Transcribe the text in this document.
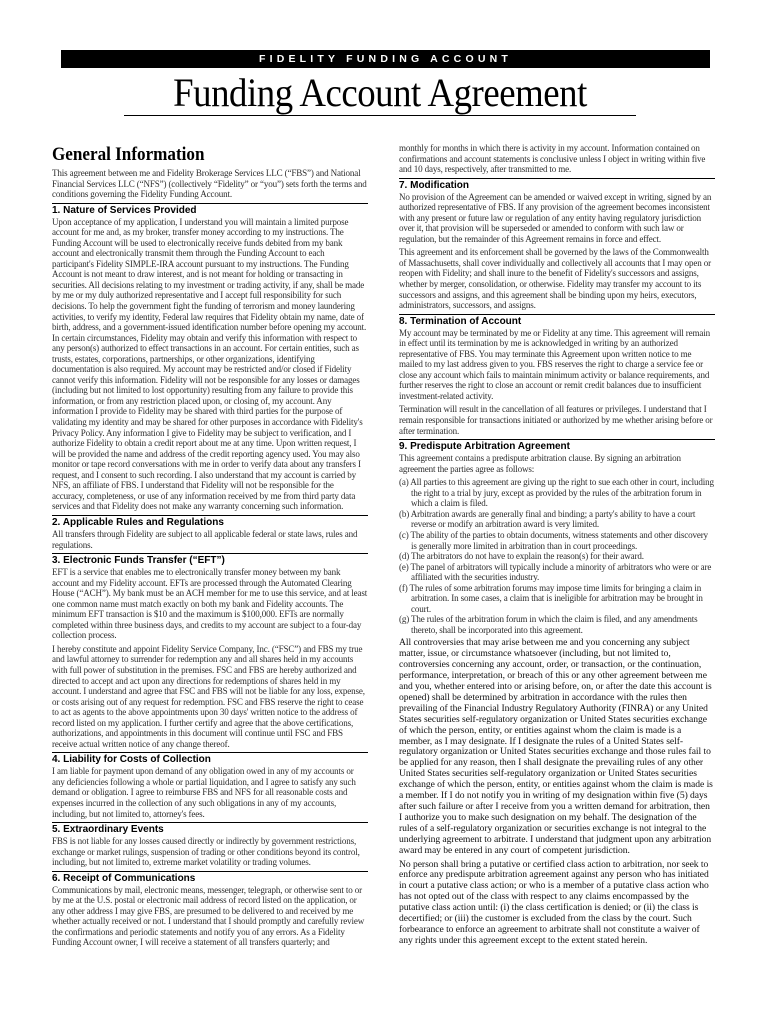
FIDELITY FUNDING ACCOUNT
Funding Account Agreement
General Information

This agreement between me and Fidelity Brokerage Services LLC (“FBS”) and National Financial Services LLC (“NFS”) (collectively “Fidelity” or “you”) sets forth the terms and conditions governing the Fidelity Funding Account.

1. Nature of Services Provided

Upon acceptance of my application, I understand you will maintain a limited purpose account for me and, as my broker, transfer money according to my instructions. The Funding Account will be used to electronically receive funds debited from my bank account and electronically transmit them through the Funding Account to each participant's Fidelity SIMPLE-IRA account pursuant to my instructions. The Funding Account is not meant to draw interest, and is not meant for holding or transacting in securities. All decisions relating to my investment or trading activity, if any, shall be made by me or my duly authorized representative and I accept full responsibility for such decisions. To help the government fight the funding of terrorism and money laundering activities, to verify my identity, Federal law requires that Fidelity obtain my name, date of birth, address, and a government-issued identification number before opening my account. In certain circumstances, Fidelity may obtain and verify this information with respect to any person(s) authorized to effect transactions in an account. For certain entities, such as trusts, estates, corporations, partnerships, or other organizations, identifying documentation is also required. My account may be restricted and/or closed if Fidelity cannot verify this information. Fidelity will not be responsible for any losses or damages (including but not limited to lost opportunity) resulting from any failure to provide this information, or from any restriction placed upon, or closing of, my account. Any information I provide to Fidelity may be shared with third parties for the purpose of validating my identity and may be shared for other purposes in accordance with Fidelity's Privacy Policy. Any information I give to Fidelity may be subject to verification, and I authorize Fidelity to obtain a credit report about me at any time. Upon written request, I will be provided the name and address of the credit reporting agency used. You may also monitor or tape record conversations with me in order to verify data about any transfers I request, and I consent to such recording. I also understand that my account is carried by NFS, an affiliate of FBS. I understand that Fidelity will not be responsible for the accuracy, completeness, or use of any information received by me from third party data services and that Fidelity does not make any warranty concerning such information.

2. Applicable Rules and Regulations

All transfers through Fidelity are subject to all applicable federal or state laws, rules and regulations.

3. Electronic Funds Transfer (“EFT”)

EFT is a service that enables me to electronically transfer money between my bank account and my Fidelity account. EFTs are processed through the Automated Clearing House (“ACH”). My bank must be an ACH member for me to use this service, and at least one common name must match exactly on both my bank and Fidelity accounts. The minimum EFT transaction is $10 and the maximum is $100,000. EFTs are normally completed within three business days, and credits to my account are subject to a four-day collection process.

I hereby constitute and appoint Fidelity Service Company, Inc. (“FSC”) and FBS my true and lawful attorney to surrender for redemption any and all shares held in my accounts with full power of substitution in the premises. FSC and FBS are hereby authorized and directed to accept and act upon any directions for redemptions of shares held in my account. I understand and agree that FSC and FBS will not be liable for any loss, expense, or costs arising out of any request for redemption. FSC and FBS reserve the right to cease to act as agents to the above appointments upon 30 days' written notice to the address of record listed on my application. I further certify and agree that the above certifications, authorizations, and appointments in this document will continue until FSC and FBS receive actual written notice of any change thereof.

4. Liability for Costs of Collection

I am liable for payment upon demand of any obligation owed in any of my accounts or any deficiencies following a whole or partial liquidation, and I agree to satisfy any such demand or obligation. I agree to reimburse FBS and NFS for all reasonable costs and expenses incurred in the collection of any such obligations in any of my accounts, including, but not limited to, attorney's fees.

5. Extraordinary Events

FBS is not liable for any losses caused directly or indirectly by government restrictions, exchange or market rulings, suspension of trading or other conditions beyond its control, including, but not limited to, extreme market volatility or trading volumes.

6. Receipt of Communications

Communications by mail, electronic means, messenger, telegraph, or otherwise sent to or by me at the U.S. postal or electronic mail address of record listed on the application, or any other address I may give FBS, are presumed to be delivered to and received by me whether actually received or not. I understand that I should promptly and carefully review the confirmations and periodic statements and notify you of any errors. As a Fidelity Funding Account owner, I will receive a statement of all transfers quarterly; and

monthly for months in which there is activity in my account. Information contained on confirmations and account statements is conclusive unless I object in writing within five and 10 days, respectively, after transmitted to me.

7. Modification

No provision of the Agreement can be amended or waived except in writing, signed by an authorized representative of FBS. If any provision of the agreement becomes inconsistent with any present or future law or regulation of any entity having regulatory jurisdiction over it, that provision will be superseded or amended to conform with such law or regulation, but the remainder of this Agreement remains in force and effect.

This agreement and its enforcement shall be governed by the laws of the Commonwealth of Massachusetts, shall cover individually and collectively all accounts that I may open or reopen with Fidelity; and shall inure to the benefit of Fidelity's successors and assigns, whether by merger, consolidation, or otherwise. Fidelity may transfer my account to its successors and assigns, and this agreement shall be binding upon my heirs, executors, administrators, successors, and assigns.

8. Termination of Account

My account may be terminated by me or Fidelity at any time. This agreement will remain in effect until its termination by me is acknowledged in writing by an authorized representative of FBS. You may terminate this Agreement upon written notice to me mailed to my last address given to you. FBS reserves the right to charge a service fee or close any account which fails to maintain minimum activity or balance requirements, and further reserves the right to close an account or remit credit balances due to insufficient investment-related activity.

Termination will result in the cancellation of all features or privileges. I understand that I remain responsible for transactions initiated or authorized by me whether arising before or after termination.

9. Predispute Arbitration Agreement

This agreement contains a predispute arbitration clause. By signing an arbitration agreement the parties agree as follows:

(a) All parties to this agreement are giving up the right to sue each other in court, including the right to a trial by jury, except as provided by the rules of the arbitration forum in which a claim is filed.

(b) Arbitration awards are generally final and binding; a party's ability to have a court reverse or modify an arbitration award is very limited.

(c) The ability of the parties to obtain documents, witness statements and other discovery is generally more limited in arbitration than in court proceedings.

(d) The arbitrators do not have to explain the reason(s) for their award.

(e) The panel of arbitrators will typically include a minority of arbitrators who were or are affiliated with the securities industry.

(f) The rules of some arbitration forums may impose time limits for bringing a claim in arbitration. In some cases, a claim that is ineligible for arbitration may be brought in court.

(g) The rules of the arbitration forum in which the claim is filed, and any amendments thereto, shall be incorporated into this agreement.

All controversies that may arise between me and you concerning any subject matter, issue, or circumstance whatsoever (including, but not limited to, controversies concerning any account, order, or transaction, or the continuation, performance, interpretation, or breach of this or any other agreement between me and you, whether entered into or arising before, on, or after the date this account is opened) shall be determined by arbitration in accordance with the rules then prevailing of the Financial Industry Regulatory Authority (FINRA) or any United States securities self-regulatory organization or United States securities exchange of which the person, entity, or entities against whom the claim is made is a member, as I may designate. If I designate the rules of a United States self-regulatory organization or United States securities exchange and those rules fail to be applied for any reason, then I shall designate the prevailing rules of any other United States securities self-regulatory organization or United States securities exchange of which the person, entity, or entities against whom the claim is made is a member. If I do not notify you in writing of my designation within five (5) days after such failure or after I receive from you a written demand for arbitration, then I authorize you to make such designation on my behalf. The designation of the rules of a self-regulatory organization or securities exchange is not integral to the underlying agreement to arbitrate. I understand that judgment upon any arbitration award may be entered in any court of competent jurisdiction.

No person shall bring a putative or certified class action to arbitration, nor seek to enforce any predispute arbitration agreement against any person who has initiated in court a putative class action; or who is a member of a putative class action who has not opted out of the class with respect to any claims encompassed by the putative class action until: (i) the class certification is denied; or (ii) the class is decertified; or (iii) the customer is excluded from the class by the court. Such forbearance to enforce an agreement to arbitrate shall not constitute a waiver of any rights under this agreement except to the extent stated herein.
